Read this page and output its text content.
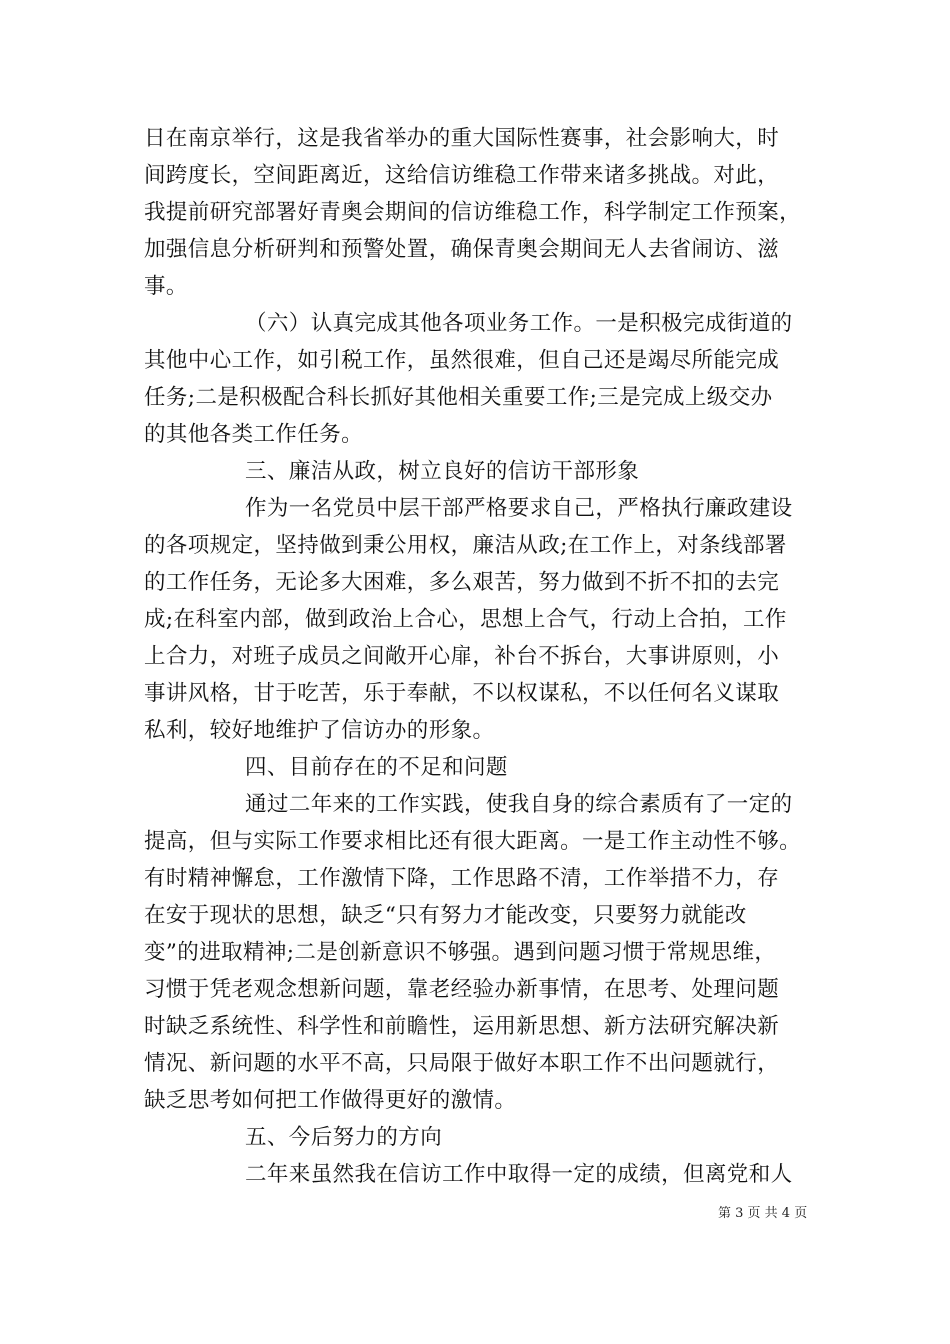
日在南京举行，这是我省举办的重大国际性赛事，社会影响大，时
间跨度长，空间距离近，这给信访维稳工作带来诸多挑战。对此，
我提前研究部署好青奥会期间的信访维稳工作，科学制定工作预案，
加强信息分析研判和预警处置，确保青奥会期间无人去省闹访、滋
事。
（六）认真完成其他各项业务工作。一是积极完成街道的
其他中心工作，如引税工作，虽然很难，但自己还是竭尽所能完成
任务;二是积极配合科长抓好其他相关重要工作;三是完成上级交办
的其他各类工作任务。
三、廉洁从政，树立良好的信访干部形象
作为一名党员中层干部严格要求自己，严格执行廉政建设
的各项规定，坚持做到秉公用权，廉洁从政;在工作上，对条线部署
的工作任务，无论多大困难，多么艰苦，努力做到不折不扣的去完
成;在科室内部，做到政治上合心，思想上合气，行动上合拍，工作
上合力，对班子成员之间敞开心扉，补台不拆台，大事讲原则，小
事讲风格，甘于吃苦，乐于奉献，不以权谋私，不以任何名义谋取
私利，较好地维护了信访办的形象。
四、目前存在的不足和问题
通过二年来的工作实践，使我自身的综合素质有了一定的
提高，但与实际工作要求相比还有很大距离。一是工作主动性不够。
有时精神懈怠，工作激情下降，工作思路不清，工作举措不力，存
在安于现状的思想，缺乏“只有努力才能改变，只要努力就能改
变”的进取精神;二是创新意识不够强。遇到问题习惯于常规思维，
习惯于凭老观念想新问题，靠老经验办新事情，在思考、处理问题
时缺乏系统性、科学性和前瞻性，运用新思想、新方法研究解决新
情况、新问题的水平不高，只局限于做好本职工作不出问题就行，
缺乏思考如何把工作做得更好的激情。
五、今后努力的方向
二年来虽然我在信访工作中取得一定的成绩，但离党和人
第 3 页 共 4 页
